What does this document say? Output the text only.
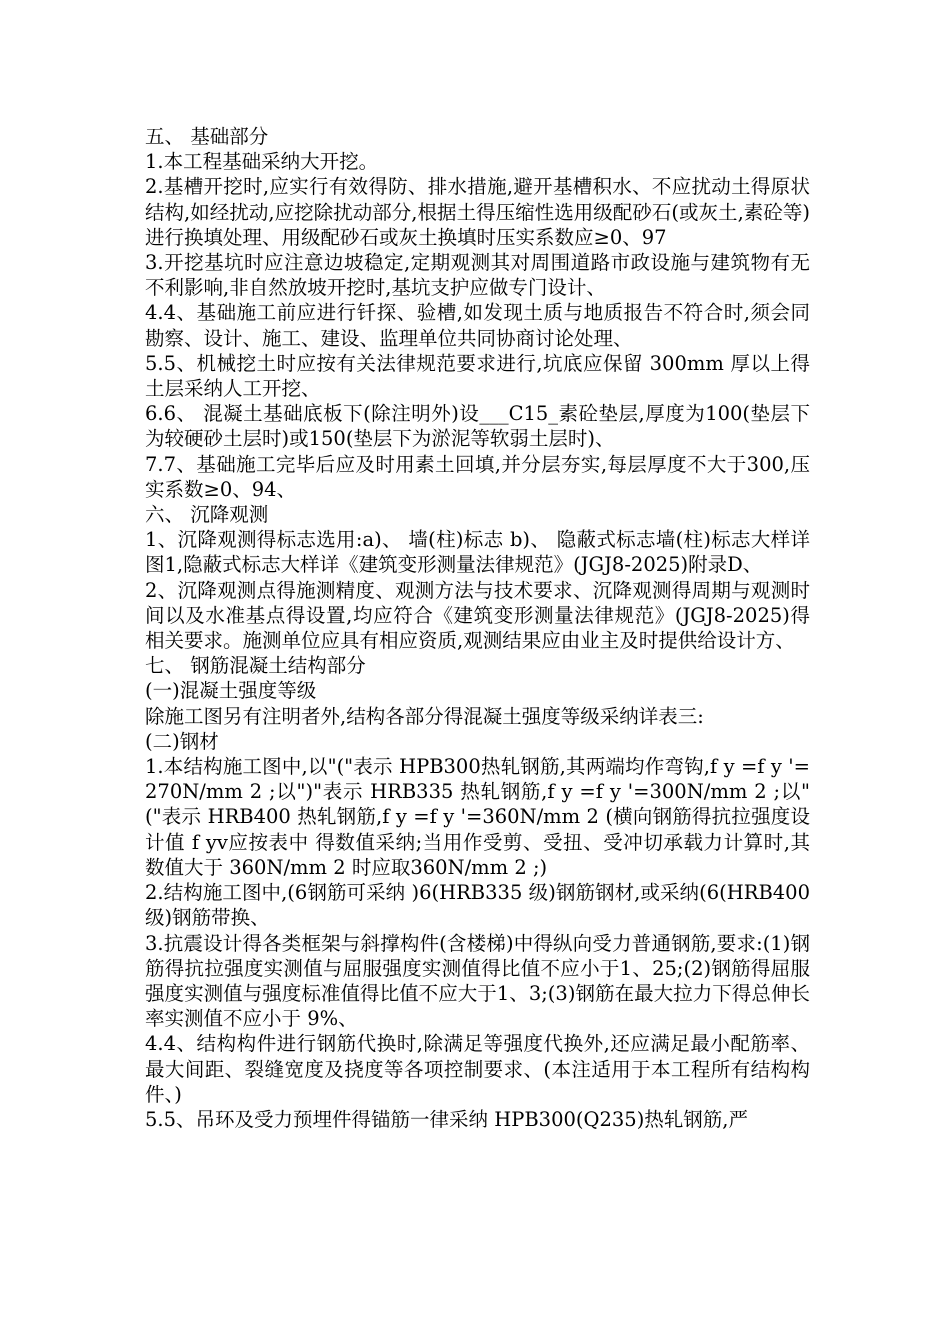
五、 基础部分

1.本工程基础采纳大开挖。

2.基槽开挖时,应实行有效得防、排水措施,避开基槽积水、不应扰动土得原状结构,如经扰动,应挖除扰动部分,根据土得压缩性选用级配砂石(或灰土,素砼等)进行换填处理、用级配砂石或灰土换填时压实系数应≥0、97

3.开挖基坑时应注意边坡稳定,定期观测其对周围道路市政设施与建筑物有无不利影响,非自然放坡开挖时,基坑支护应做专门设计、

4.4、基础施工前应进行钎探、验槽,如发现土质与地质报告不符合时,须会同勘察、设计、施工、建设、监理单位共同协商讨论处理、

5.5、机械挖土时应按有关法律规范要求进行,坑底应保留 300mm 厚以上得土层采纳人工开挖、

6.6、 混凝土基础底板下(除注明外)设___C15_素砼垫层,厚度为100(垫层下为较硬砂土层时)或150(垫层下为淤泥等软弱土层时)、

7.7、基础施工完毕后应及时用素土回填,并分层夯实,每层厚度不大于300,压实系数≥0、94、

六、 沉降观测

1、沉降观测得标志选用:a)、 墙(柱)标志 b)、 隐蔽式标志墙(柱)标志大样详图1,隐蔽式标志大样详《建筑变形测量法律规范》(JGJ8-2025)附录D、

2、沉降观测点得施测精度、观测方法与技术要求、沉降观测得周期与观测时间以及水准基点得设置,均应符合《建筑变形测量法律规范》(JGJ8-2025)得相关要求。施测单位应具有相应资质,观测结果应由业主及时提供给设计方、

七、 钢筋混凝土结构部分

(一)混凝土强度等级

除施工图另有注明者外,结构各部分得混凝土强度等级采纳详表三:

(二)钢材

1.本结构施工图中,以"("表示 HPB300热轧钢筋,其两端均作弯钩,f y =f y '=270N/mm 2 ;以")"表示 HRB335 热轧钢筋,f y =f y '=300N/mm 2 ;以"("表示 HRB400 热轧钢筋,f y =f y '=360N/mm 2 (横向钢筋得抗拉强度设计值 f yv应按表中 得数值采纳;当用作受剪、受扭、受冲切承载力计算时,其数值大于 360N/mm 2 时应取360N/mm 2 ;)

2.结构施工图中,(6钢筋可采纳 )6(HRB335 级)钢筋钢材,或采纳(6(HRB400 级)钢筋带换、

3.抗震设计得各类框架与斜撑构件(含楼梯)中得纵向受力普通钢筋,要求:(1)钢筋得抗拉强度实测值与屈服强度实测值得比值不应小于1、25;(2)钢筋得屈服强度实测值与强度标准值得比值不应大于1、3;(3)钢筋在最大拉力下得总伸长率实测值不应小于 9%、

4.4、结构构件进行钢筋代换时,除满足等强度代换外,还应满足最小配筋率、最大间距、裂缝宽度及挠度等各项控制要求、(本注适用于本工程所有结构构件、)

5.5、吊环及受力预埋件得锚筋一律采纳 HPB300(Q235)热轧钢筋,严
